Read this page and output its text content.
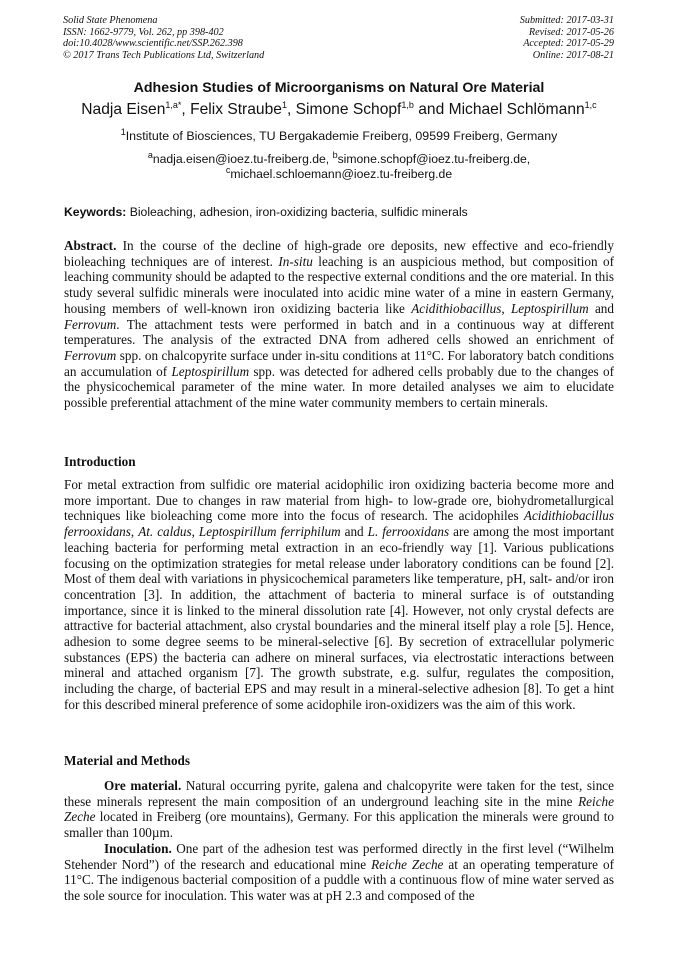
Solid State Phenomena
ISSN: 1662-9779, Vol. 262, pp 398-402
doi:10.4028/www.scientific.net/SSP.262.398
© 2017 Trans Tech Publications Ltd, Switzerland
Submitted: 2017-03-31
Revised: 2017-05-26
Accepted: 2017-05-29
Online: 2017-08-21
Adhesion Studies of Microorganisms on Natural Ore Material
Nadja Eisen$^{1,a*}$, Felix Straube$^1$, Simone Schopf$^{1,b}$ and Michael Schlömann$^{1,c}$
$^1$Institute of Biosciences, TU Bergakademie Freiberg, 09599 Freiberg, Germany
$^a$nadja.eisen@ioez.tu-freiberg.de, $^b$simone.schopf@ioez.tu-freiberg.de,
$^c$michael.schloemann@ioez.tu-freiberg.de
Keywords: Bioleaching, adhesion, iron-oxidizing bacteria, sulfidic minerals

Abstract. In the course of the decline of high-grade ore deposits, new effective and eco-friendly bioleaching techniques are of interest. In-situ leaching is an auspicious method, but composition of leaching community should be adapted to the respective external conditions and the ore material. In this study several sulfidic minerals were inoculated into acidic mine water of a mine in eastern Germany, housing members of well-known iron oxidizing bacteria like Acidithiobacillus, Leptospirillum and Ferrovum. The attachment tests were performed in batch and in a continuous way at different temperatures. The analysis of the extracted DNA from adhered cells showed an enrichment of Ferrovum spp. on chalcopyrite surface under in-situ conditions at 11°C. For laboratory batch conditions an accumulation of Leptospirillum spp. was detected for adhered cells probably due to the changes of the physicochemical parameter of the mine water. In more detailed analyses we aim to elucidate possible preferential attachment of the mine water community members to certain minerals.

Introduction

For metal extraction from sulfidic ore material acidophilic iron oxidizing bacteria become more and more important. Due to changes in raw material from high- to low-grade ore, biohydrometallurgical techniques like bioleaching come more into the focus of research. The acidophiles Acidithiobacillus ferrooxidans, At. caldus, Leptospirillum ferriphilum and L. ferrooxidans are among the most important leaching bacteria for performing metal extraction in an eco-friendly way [1]. Various publications focusing on the optimization strategies for metal release under laboratory conditions can be found [2]. Most of them deal with variations in physicochemical parameters like temperature, pH, salt- and/or iron concentration [3]. In addition, the attachment of bacteria to mineral surface is of outstanding importance, since it is linked to the mineral dissolution rate [4]. However, not only crystal defects are attractive for bacterial attachment, also crystal boundaries and the mineral itself play a role [5]. Hence, adhesion to some degree seems to be mineral-selective [6]. By secretion of extracellular polymeric substances (EPS) the bacteria can adhere on mineral surfaces, via electrostatic interactions between mineral and attached organism [7]. The growth substrate, e.g. sulfur, regulates the composition, including the charge, of bacterial EPS and may result in a mineral-selective adhesion [8]. To get a hint for this described mineral preference of some acidophile iron-oxidizers was the aim of this work.

Material and Methods

Ore material. Natural occurring pyrite, galena and chalcopyrite were taken for the test, since these minerals represent the main composition of an underground leaching site in the mine Reiche Zeche located in Freiberg (ore mountains), Germany. For this application the minerals were ground to smaller than 100µm.

Inoculation. One part of the adhesion test was performed directly in the first level (“Wilhelm Stehender Nord”) of the research and educational mine Reiche Zeche at an operating temperature of 11°C. The indigenous bacterial composition of a puddle with a continuous flow of mine water served as the sole source for inoculation. This water was at pH 2.3 and composed of the
